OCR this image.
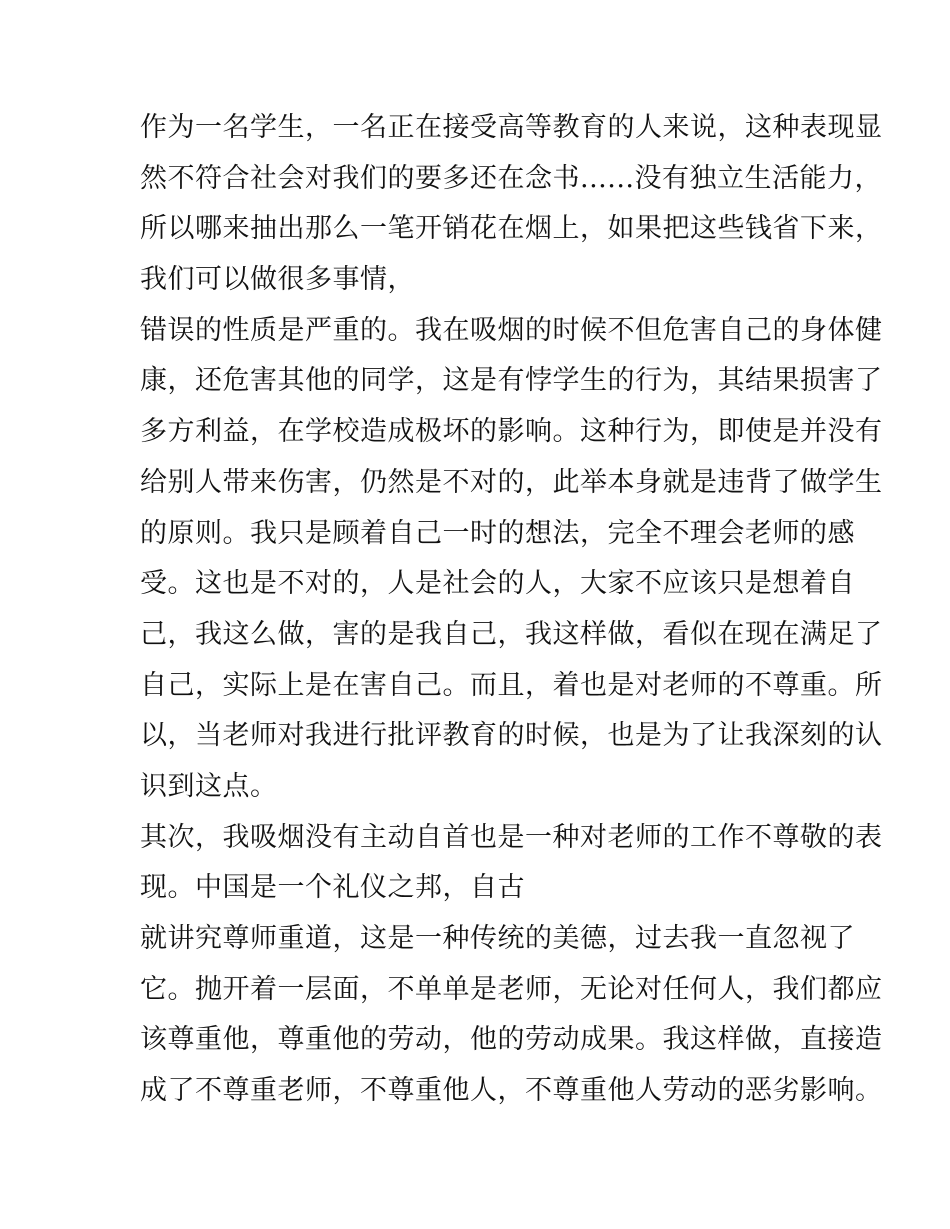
作为一名学生，一名正在接受高等教育的人来说，这种表现显
然不符合社会对我们的要多还在念书......没有独立生活能力，
所以哪来抽出那么一笔开销花在烟上，如果把这些钱省下来，
我们可以做很多事情，
错误的性质是严重的。我在吸烟的时候不但危害自己的身体健
康，还危害其他的同学，这是有悖学生的行为，其结果损害了
多方利益，在学校造成极坏的影响。这种行为，即使是并没有
给别人带来伤害，仍然是不对的，此举本身就是违背了做学生
的原则。我只是顾着自己一时的想法，完全不理会老师的感
受。这也是不对的，人是社会的人，大家不应该只是想着自
己，我这么做，害的是我自己，我这样做，看似在现在满足了
自己，实际上是在害自己。而且，着也是对老师的不尊重。所
以，当老师对我进行批评教育的时候，也是为了让我深刻的认
识到这点。
其次，我吸烟没有主动自首也是一种对老师的工作不尊敬的表
现。中国是一个礼仪之邦，自古
就讲究尊师重道，这是一种传统的美德，过去我一直忽视了
它。抛开着一层面，不单单是老师，无论对任何人，我们都应
该尊重他，尊重他的劳动，他的劳动成果。我这样做，直接造
成了不尊重老师，不尊重他人，不尊重他人劳动的恶劣影响。
